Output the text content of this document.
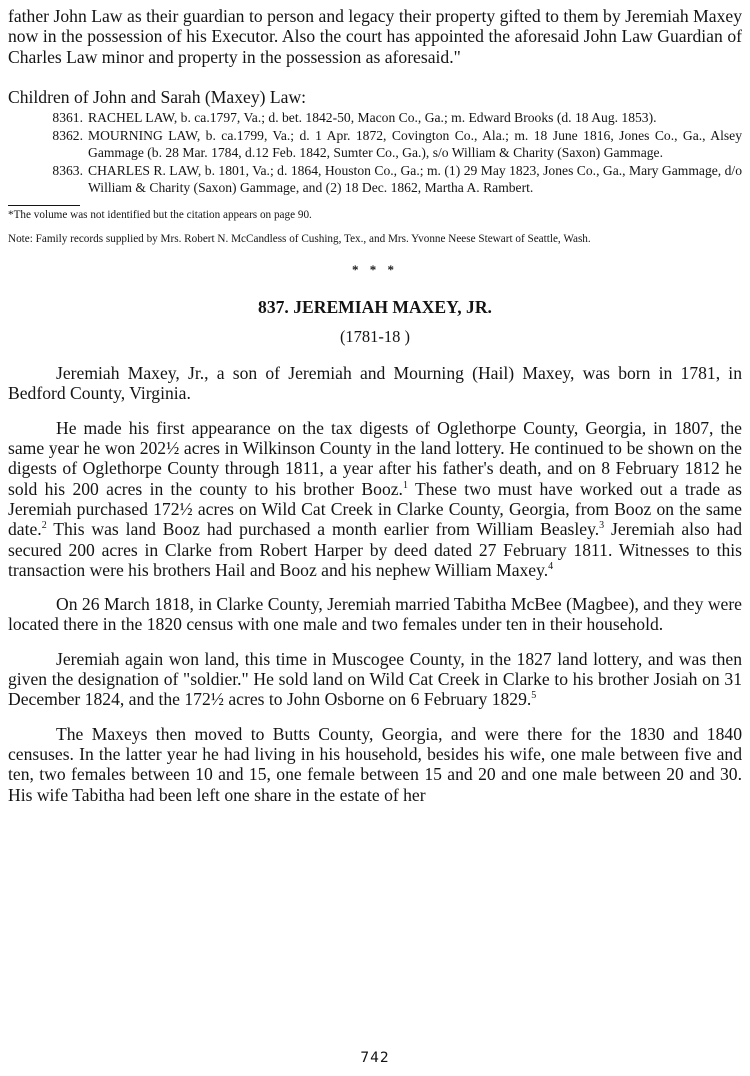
father John Law as their guardian to person and legacy their property gifted to them by Jeremiah Maxey now in the possession of his Executor. Also the court has appointed the aforesaid John Law Guardian of Charles Law minor and property in the possession as aforesaid."

Children of John and Sarah (Maxey) Law:

8361. RACHEL LAW, b. ca.1797, Va.; d. bet. 1842-50, Macon Co., Ga.; m. Edward Brooks (d. 18 Aug. 1853).
8362. MOURNING LAW, b. ca.1799, Va.; d. 1 Apr. 1872, Covington Co., Ala.; m. 18 June 1816, Jones Co., Ga., Alsey Gammage (b. 28 Mar. 1784, d.12 Feb. 1842, Sumter Co., Ga.), s/o William & Charity (Saxon) Gammage.
8363. CHARLES R. LAW, b. 1801, Va.; d. 1864, Houston Co., Ga.; m. (1) 29 May 1823, Jones Co., Ga., Mary Gammage, d/o William & Charity (Saxon) Gammage, and (2) 18 Dec. 1862, Martha A. Rambert.

*The volume was not identified but the citation appears on page 90.

Note: Family records supplied by Mrs. Robert N. McCandless of Cushing, Tex., and Mrs. Yvonne Neese Stewart of Seattle, Wash.

* * *
837. JEREMIAH MAXEY, JR.
(1781-18 )

Jeremiah Maxey, Jr., a son of Jeremiah and Mourning (Hail) Maxey, was born in 1781, in Bedford County, Virginia.

He made his first appearance on the tax digests of Oglethorpe County, Georgia, in 1807, the same year he won 202½ acres in Wilkinson County in the land lottery. He continued to be shown on the digests of Oglethorpe County through 1811, a year after his father's death, and on 8 February 1812 he sold his 200 acres in the county to his brother Booz.$^1$ These two must have worked out a trade as Jeremiah purchased 172½ acres on Wild Cat Creek in Clarke County, Georgia, from Booz on the same date.$^2$ This was land Booz had purchased a month earlier from William Beasley.$^3$ Jeremiah also had secured 200 acres in Clarke from Robert Harper by deed dated 27 February 1811. Witnesses to this transaction were his brothers Hail and Booz and his nephew William Maxey.$^4$

On 26 March 1818, in Clarke County, Jeremiah married Tabitha McBee (Magbee), and they were located there in the 1820 census with one male and two females under ten in their household.

Jeremiah again won land, this time in Muscogee County, in the 1827 land lottery, and was then given the designation of "soldier." He sold land on Wild Cat Creek in Clarke to his brother Josiah on 31 December 1824, and the 172½ acres to John Osborne on 6 February 1829.$^5$

The Maxeys then moved to Butts County, Georgia, and were there for the 1830 and 1840 censuses. In the latter year he had living in his household, besides his wife, one male between five and ten, two females between 10 and 15, one female between 15 and 20 and one male between 20 and 30. His wife Tabitha had been left one share in the estate of her

742
